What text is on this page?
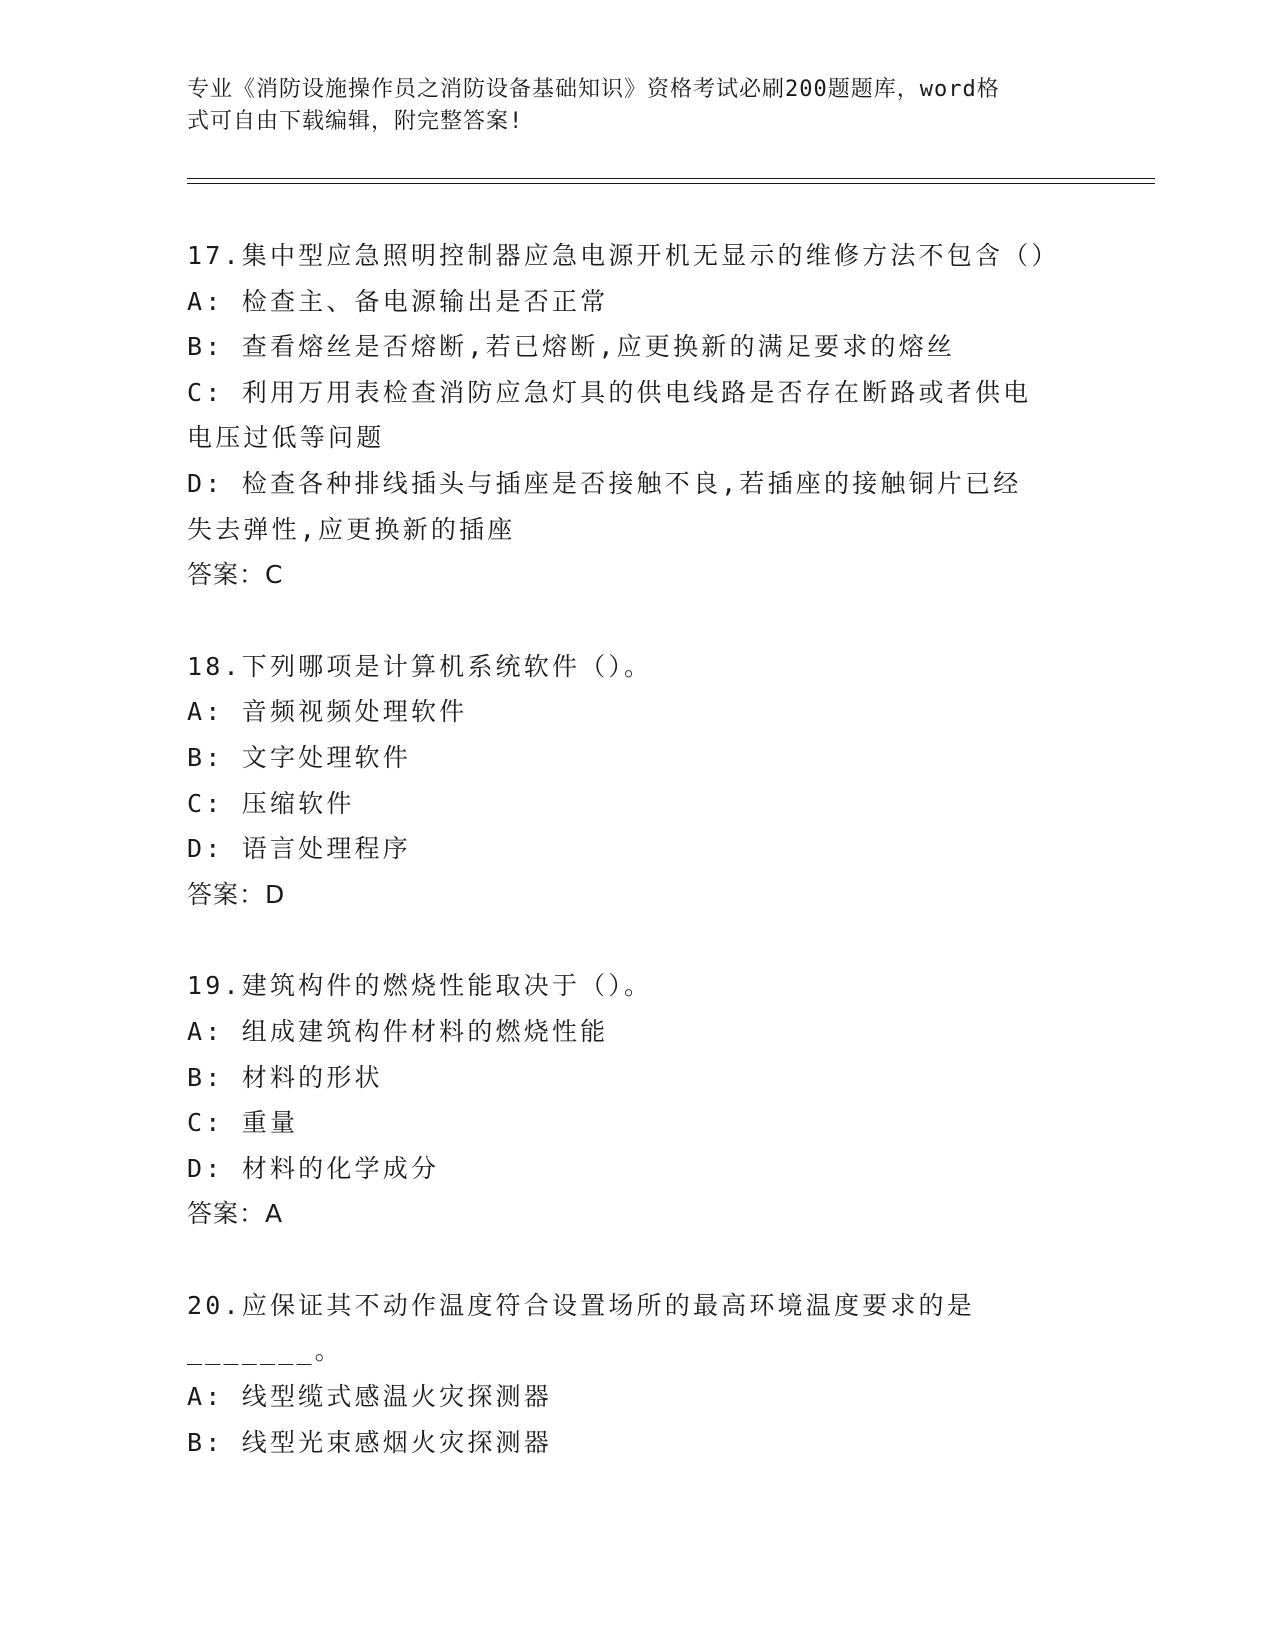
专业《消防设施操作员之消防设备基础知识》资格考试必刷200题题库，word格
式可自由下载编辑，附完整答案!
17.集中型应急照明控制器应急电源开机无显示的维修方法不包含（）
A: 检查主、备电源输出是否正常
B: 查看熔丝是否熔断,若已熔断,应更换新的满足要求的熔丝
C: 利用万用表检查消防应急灯具的供电线路是否存在断路或者供电电压过低等问题
D: 检查各种排线插头与插座是否接触不良,若插座的接触铜片已经失去弹性,应更换新的插座
答案：C
18.下列哪项是计算机系统软件（）。
A: 音频视频处理软件
B: 文字处理软件
C: 压缩软件
D: 语言处理程序
答案：D
19.建筑构件的燃烧性能取决于（）。
A: 组成建筑构件材料的燃烧性能
B: 材料的形状
C: 重量
D: 材料的化学成分
答案：A
20.应保证其不动作温度符合设置场所的最高环境温度要求的是
_______。
A: 线型缆式感温火灾探测器
B: 线型光束感烟火灾探测器
